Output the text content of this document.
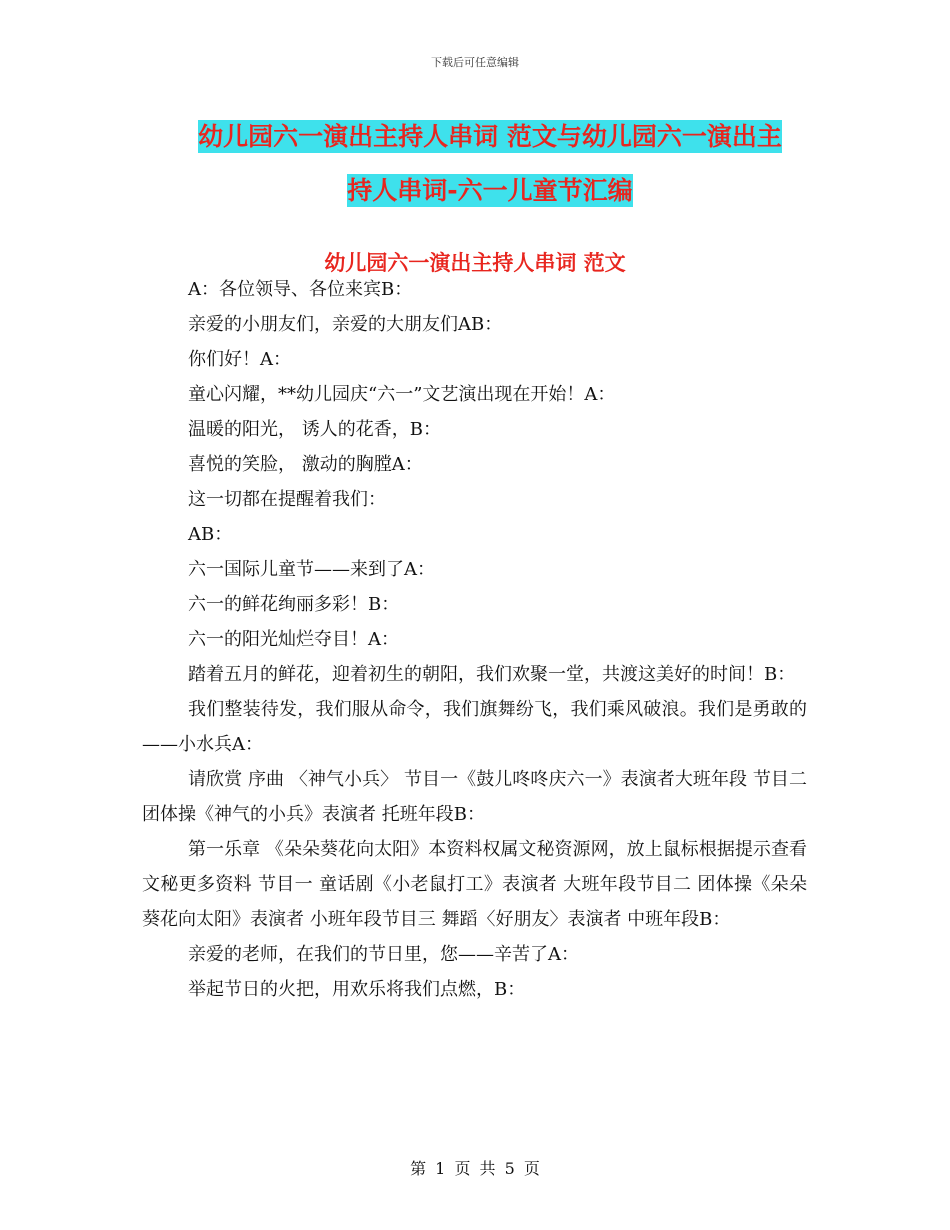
下载后可任意编辑
幼儿园六一演出主持人串词 范文与幼儿园六一演出主
持人串词-六一儿童节汇编
幼儿园六一演出主持人串词 范文

A：各位领导、各位来宾B：

亲爱的小朋友们，亲爱的大朋友们AB：

你们好！A：

童心闪耀，**幼儿园庆“六一”文艺演出现在开始！A：

温暖的阳光， 诱人的花香，B：

喜悦的笑脸， 激动的胸膛A：

这一切都在提醒着我们：

AB：

六一国际儿童节——来到了A：

六一的鲜花绚丽多彩！B：

六一的阳光灿烂夺目！A：

踏着五月的鲜花，迎着初生的朝阳，我们欢聚一堂，共渡这美好的时间！B：

我们整装待发，我们服从命令，我们旗舞纷飞，我们乘风破浪。我们是勇敢的——小水兵A：

请欣赏 序曲 〈神气小兵〉 节目一《鼓儿咚咚庆六一》表演者大班年段 节目二 团体操《神气的小兵》表演者 托班年段B：

第一乐章 《朵朵葵花向太阳》本资料权属文秘资源网，放上鼠标根据提示查看文秘更多资料 节目一 童话剧《小老鼠打工》表演者 大班年段节目二 团体操《朵朵葵花向太阳》表演者 小班年段节目三 舞蹈〈好朋友〉表演者 中班年段B：

亲爱的老师，在我们的节日里，您——辛苦了A：

举起节日的火把，用欢乐将我们点燃，B：

第 1 页 共 5 页
